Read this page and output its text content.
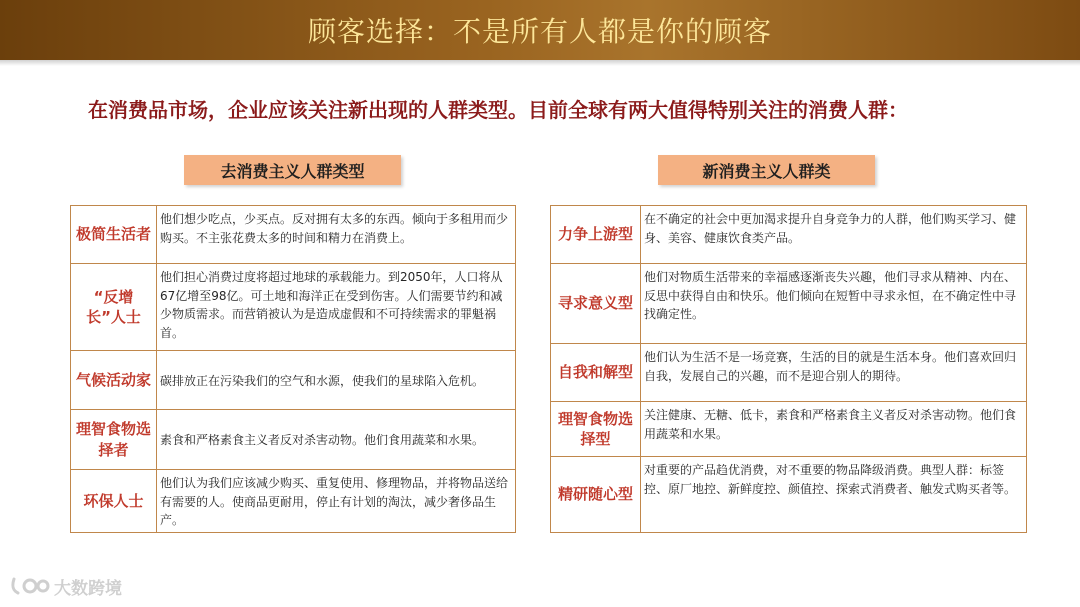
顾客选择：不是所有人都是你的顾客
在消费品市场，企业应该关注新出现的人群类型。目前全球有两大值得特别关注的消费人群：
去消费主义人群类型	新消费主义人群类
极简生活者
他们想少吃点，少买点。反对拥有太多的东西。倾向于多租用而少购买。不主张花费太多的时间和精力在消费上。
“反增长”人士
他们担心消费过度将超过地球的承载能力。到2050年，人口将从67亿增至98亿。可土地和海洋正在受到伤害。人们需要节约和减少物质需求。而营销被认为是造成虚假和不可持续需求的罪魁祸首。
气候活动家 碳排放正在污染我们的空气和水源，使我们的星球陷入危机。
理智食物选择者
素食和严格素食主义者反对杀害动物。他们食用蔬菜和水果。
环保人士
他们认为我们应该减少购买、重复使用、修理物品，并将物品送给有需要的人。使商品更耐用，停止有计划的淘汰，减少奢侈品生产。
力争上游型
在不确定的社会中更加渴求提升自身竞争力的人群，他们购买学习、健身、美容、健康饮食类产品。
寻求意义型
他们对物质生活带来的幸福感逐渐丧失兴趣，他们寻求从精神、内在、反思中获得自由和快乐。他们倾向在短暂中寻求永恒，在不确定性中寻找确定性。
自我和解型
他们认为生活不是一场竞赛，生活的目的就是生活本身。他们喜欢回归自我，发展自己的兴趣，而不是迎合别人的期待。
理智食物选择型
关注健康、无糖、低卡，素食和严格素食主义者反对杀害动物。他们食用蔬菜和水果。
精研随心型
对重要的产品趋优消费，对不重要的物品降级消费。典型人群：标签控、原厂地控、新鲜度控、颜值控、探索式消费者、触发式购买者等。
大数跨境
